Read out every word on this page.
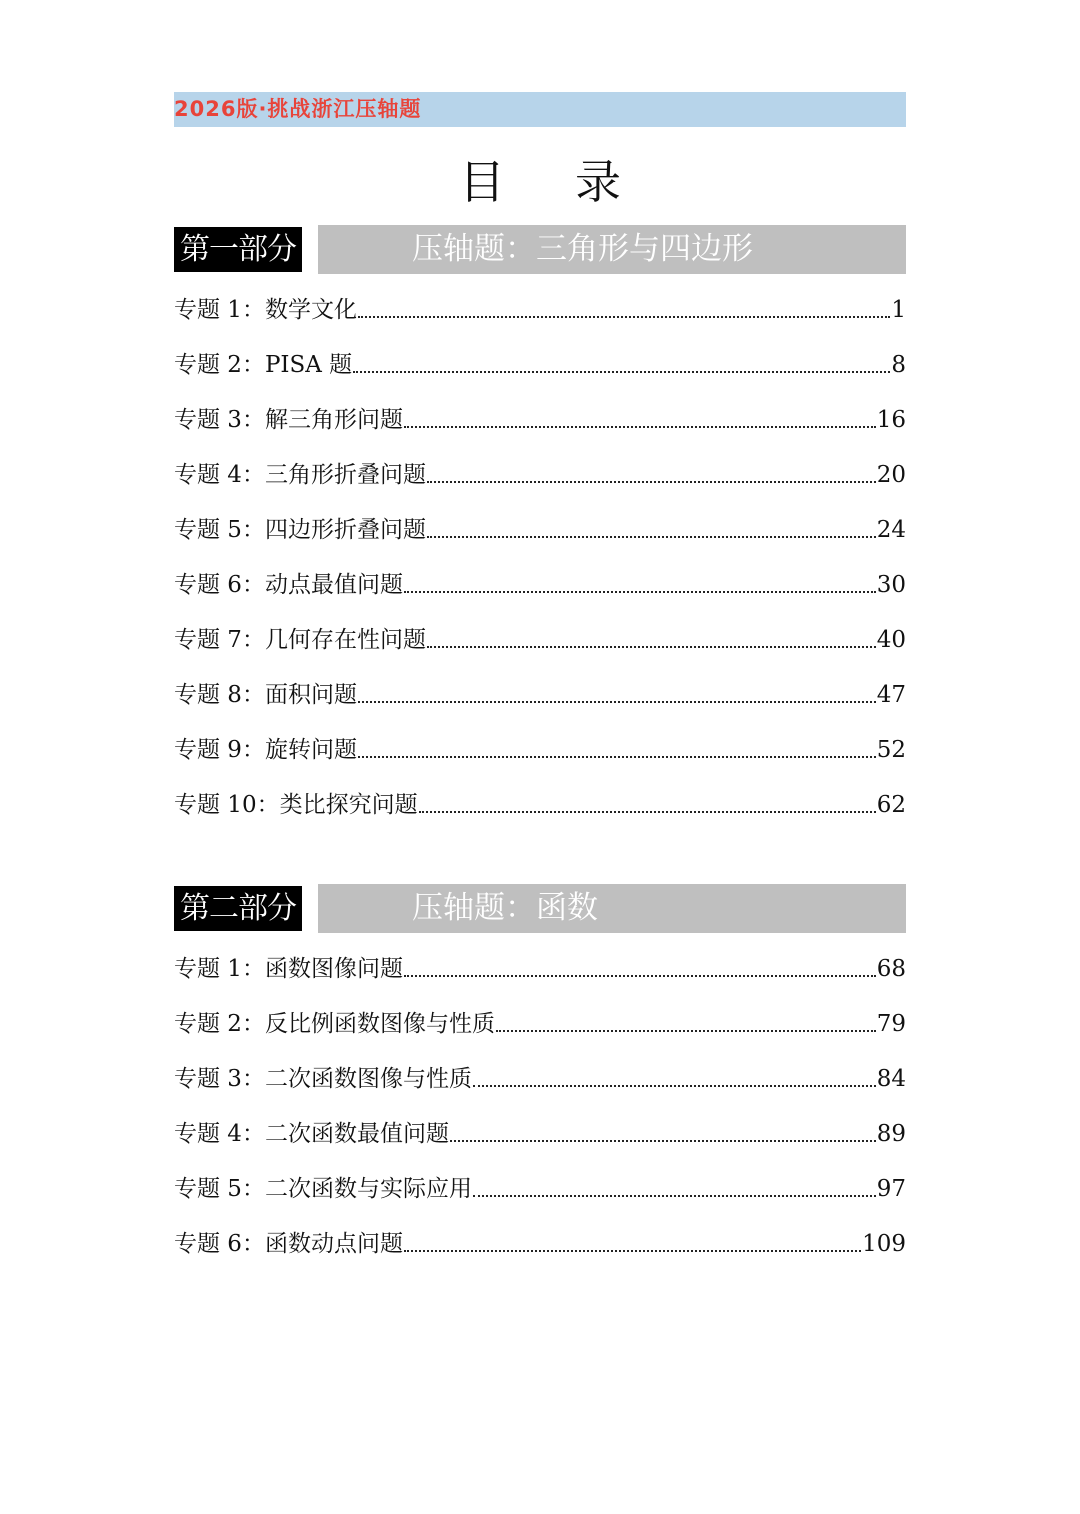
2026版·挑战浙江压轴题
目录
第一部分	压轴题：三角形与四边形
专题 1：数学文化	1
专题 2：PISA 题	8
专题 3：解三角形问题	16
专题 4：三角形折叠问题	20
专题 5：四边形折叠问题	24
专题 6：动点最值问题	30
专题 7：几何存在性问题	40
专题 8：面积问题	47
专题 9：旋转问题	52
专题 10：类比探究问题	62
第二部分	压轴题：函数
专题 1：函数图像问题	68
专题 2：反比例函数图像与性质	79
专题 3：二次函数图像与性质	84
专题 4：二次函数最值问题	89
专题 5：二次函数与实际应用	97
专题 6：函数动点问题	109
